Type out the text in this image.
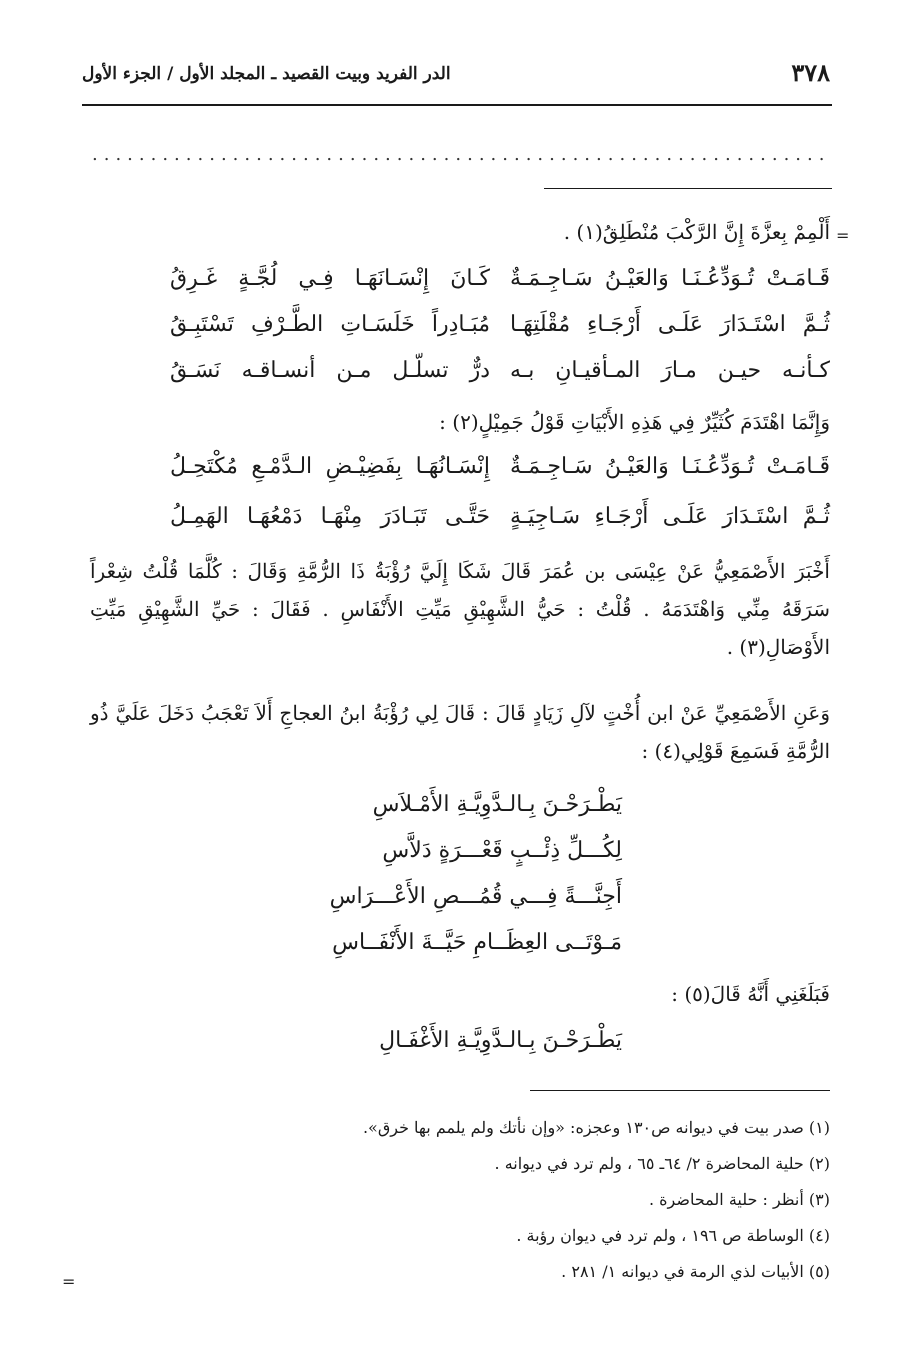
٣٧٨
الدر الفريد وبيت القصيد ـ المجلد الأول / الجزء الأول
...............................................................
=
أَلْمِمْ بِعزَّةَ إِنَّ الرَّكْبَ مُنْطَلِقُ(١) .
قَـامَـتْ تُـوَدِّعُـنَـا وَالعَيْـنُ سَـاجِـمَـةٌ
كَـانَ إِنْسَـانَهَـا فِـي لُجَّـةٍ غَـرِقُ
ثُـمَّ اسْتَـدَارَ عَلَـى أَرْجَـاءِ مُقْلَتِهَـا
مُبَـادِراً خَلَسَـاتِ الطَّـرْفِ تَسْتَبِـقُ
كـأنـه حيـن مـارَ المـأقيـانِ بـه
درٌّ تسلّـل مـن أنسـاقـه نَسَـقُ
وَإِنَّمَا اهْتَدَمَ كُثَيِّرٌ فِي هَذِهِ الأَبْيَاتِ قَوْلُ جَمِيْلٍ(٢) :
قَـامَـتْ تُـوَدِّعُـنَـا وَالعَيْـنُ سَـاجِـمَـةٌ
إِنْسَـانُهَـا بِفَضِيْـضِ الـدَّمْـعِ مُكْتَحِـلُ
ثُـمَّ اسْتَـدَارَ عَلَـى أَرْجَـاءِ سَـاجِيَـةٍ
حَتَّـى تَبَـادَرَ مِنْهَـا دَمْعُهَـا الهَمِـلُ
أَخْبَرَ الأَصْمَعِيُّ عَنْ عِيْسَى بن عُمَرَ قَالَ شَكَا إِلَيَّ رُؤْبَةُ ذَا الرُّمَّةِ وَقَالَ : كُلَّمَا قُلْتُ شِعْراً سَرَقَهُ مِنِّي وَاهْتَدَمَهُ . قُلْتُ : حَيُّ الشَّهِيْقِ مَيِّتِ الأَنْفَاسِ . فَقَالَ : حَيِّ الشَّهِيْقِ مَيِّتِ الأَوْصَالِ(٣) .
وَعَنِ الأَصْمَعِيِّ عَنْ ابن أُخْتٍ لآلِ زَيَادٍ قَالَ : قَالَ لِي رُؤْبَةُ ابنُ العجاجِ أَلاَ تَعْجَبُ دَخَلَ عَلَيَّ ذُو الرُّمَّةِ فَسَمِعَ قَوْلِي(٤) :
يَطْـرَحْـنَ بِـالـدَّوِيَّـةِ الأَمْـلاَسِ
لِكُـــلِّ ذِئْــبٍ قَعْـــرَةٍ دَلاَّسِ
أَجِنَّـــةً فِـــي قُمُـــصِ الأَعْـــرَاسِ
مَـوْتَــى العِظَــامِ حَيَّــةَ الأَنْفَــاسِ
فَبَلَغَنِي أَنَّهُ قَالَ(٥) :
يَطْـرَحْـنَ بِـالـدَّوِيَّـةِ الأَغْفَـالِ
(١) صدر بيت في ديوانه ص١٣٠ وعجزه: «وإن نأتك ولم يلمم بها خرق».
(٢) حلية المحاضرة ٢/ ٦٤ـ ٦٥ ، ولم ترد في ديوانه .
(٣) أنظر : حلية المحاضرة .
(٤) الوساطة ص ١٩٦ ، ولم ترد في ديوان رؤبة .
(٥) الأبيات لذي الرمة في ديوانه ١/ ٢٨١ .
=
